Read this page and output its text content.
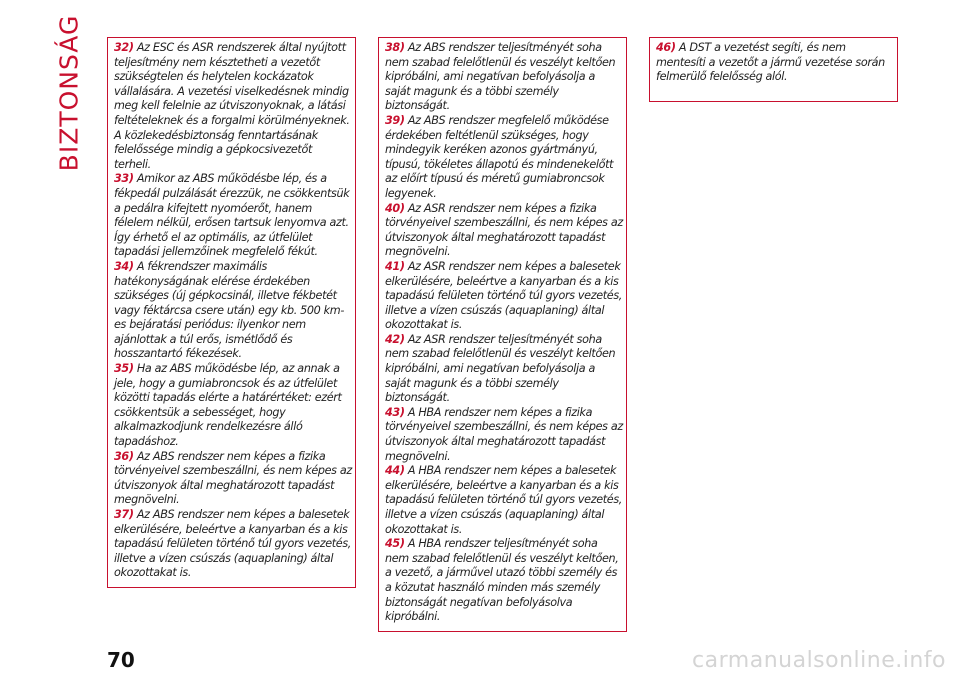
BIZTONSÁG	32) Az ESC és ASR rendszerek által nyújtott teljesítmény nem késztetheti a vezetőt szükségtelen és helytelen kockázatok vállalására. A vezetési viselkedésnek mindig meg kell felelnie az útviszonyoknak, a látási feltételeknek és a forgalmi körülményeknek. A közlekedésbiztonság fenntartásának felelőssége mindig a gépkocsivezetőt terheli.

33) Amikor az ABS működésbe lép, és a fékpedál pulzálását érezzük, ne csökkentsük a pedálra kifejtett nyomóerőt, hanem félelem nélkül, erősen tartsuk lenyomva azt. Így érhető el az optimális, az útfelület tapadási jellemzőinek megfelelő fékút.

34) A fékrendszer maximális hatékonyságának elérése érdekében szükséges (új gépkocsinál, illetve fékbetét vagy féktárcsa csere után) egy kb. 500 km-es bejáratási periódus: ilyenkor nem ajánlottak a túl erős, ismétlődő és hosszantartó fékezések.

35) Ha az ABS működésbe lép, az annak a jele, hogy a gumiabroncsok és az útfelület közötti tapadás elérte a határértéket: ezért csökkentsük a sebességet, hogy alkalmazkodjunk rendelkezésre álló tapadáshoz.

36) Az ABS rendszer nem képes a fizika törvényeivel szembeszállni, és nem képes az útviszonyok által meghatározott tapadást megnövelni.

37) Az ABS rendszer nem képes a balesetek elkerülésére, beleértve a kanyarban és a kis tapadású felületen történő túl gyors vezetés, illetve a vízen csúszás (aquaplaning) által okozottakat is.

38) Az ABS rendszer teljesítményét soha nem szabad felelőtlenül és veszélyt keltően kipróbálni, ami negatívan befolyásolja a saját magunk és a többi személy biztonságát.

39) Az ABS rendszer megfelelő működése érdekében feltétlenül szükséges, hogy mindegyik keréken azonos gyártmányú, típusú, tökéletes állapotú és mindenekelőtt az előírt típusú és méretű gumiabroncsok legyenek.

40) Az ASR rendszer nem képes a fizika törvényeivel szembeszállni, és nem képes az útviszonyok által meghatározott tapadást megnövelni.

41) Az ASR rendszer nem képes a balesetek elkerülésére, beleértve a kanyarban és a kis tapadású felületen történő túl gyors vezetés, illetve a vízen csúszás (aquaplaning) által okozottakat is.

42) Az ASR rendszer teljesítményét soha nem szabad felelőtlenül és veszélyt keltően kipróbálni, ami negatívan befolyásolja a saját magunk és a többi személy biztonságát.

43) A HBA rendszer nem képes a fizika törvényeivel szembeszállni, és nem képes az útviszonyok által meghatározott tapadást megnövelni.

44) A HBA rendszer nem képes a balesetek elkerülésére, beleértve a kanyarban és a kis tapadású felületen történő túl gyors vezetés, illetve a vízen csúszás (aquaplaning) által okozottakat is.

45) A HBA rendszer teljesítményét soha nem szabad felelőtlenül és veszélyt keltően, a vezető, a járművel utazó többi személy és a közutat használó minden más személy biztonságát negatívan befolyásolva kipróbálni.

46) A DST a vezetést segíti, és nem mentesíti a vezetőt a jármű vezetése során felmerülő felelősség alól.

70	carmanualsonline.info
